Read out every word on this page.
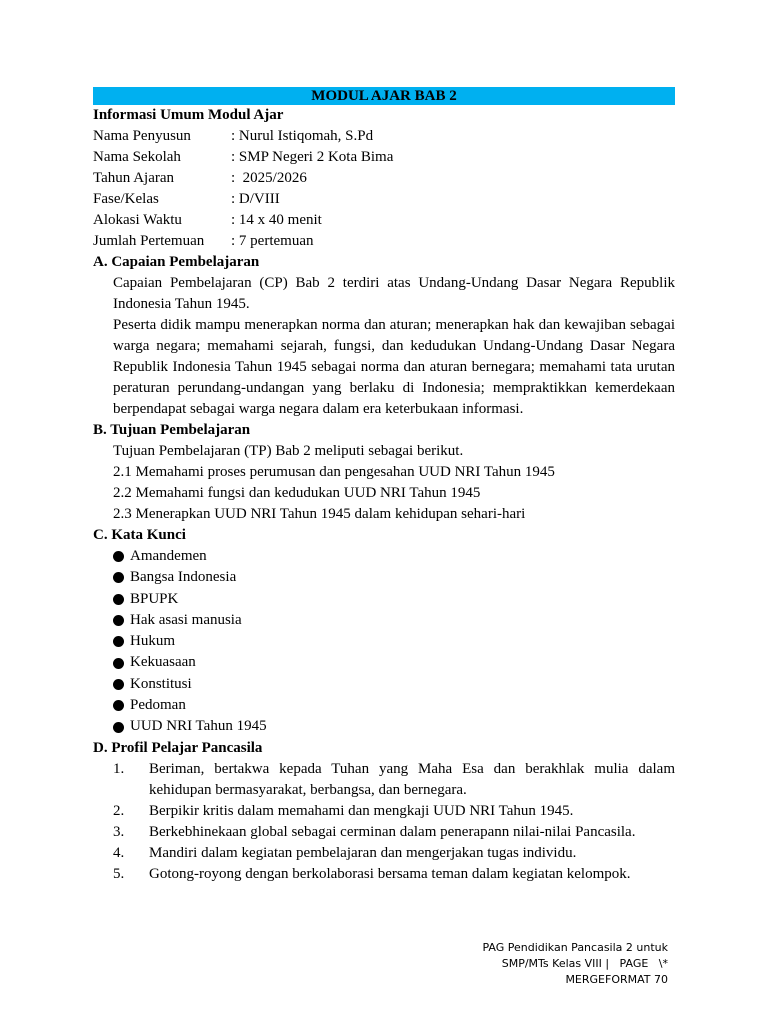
MODUL AJAR BAB 2
Informasi Umum Modul Ajar
Nama Penyusun	: Nurul Istiqomah, S.Pd
Nama Sekolah	: SMP Negeri 2 Kota Bima
Tahun Ajaran	:  2025/2026
Fase/Kelas	: D/VIII
Alokasi Waktu	: 14 x 40 menit
Jumlah Pertemuan	: 7 pertemuan
A. Capaian Pembelajaran
Capaian Pembelajaran (CP) Bab 2 terdiri atas Undang-Undang Dasar Negara Republik Indonesia Tahun 1945.
Peserta didik mampu menerapkan norma dan aturan; menerapkan hak dan kewajiban sebagai warga negara; memahami sejarah, fungsi, dan kedudukan Undang-Undang Dasar Negara Republik Indonesia Tahun 1945 sebagai norma dan aturan bernegara; memahami tata urutan peraturan perundang-undangan yang berlaku di Indonesia; mempraktikkan kemerdekaan berpendapat sebagai warga negara dalam era keterbukaan informasi.
B. Tujuan Pembelajaran
Tujuan Pembelajaran (TP) Bab 2 meliputi sebagai berikut.
2.1 Memahami proses perumusan dan pengesahan UUD NRI Tahun 1945
2.2 Memahami fungsi dan kedudukan UUD NRI Tahun 1945
2.3 Menerapkan UUD NRI Tahun 1945 dalam kehidupan sehari-hari
C. Kata Kunci
Amandemen
Bangsa Indonesia
BPUPK
Hak asasi manusia
Hukum
Kekuasaan
Konstitusi
Pedoman
UUD NRI Tahun 1945
D. Profil Pelajar Pancasila
1.	Beriman, bertakwa kepada Tuhan yang Maha Esa dan berakhlak mulia dalam kehidupan bermasyarakat, berbangsa, dan bernegara.
2.	Berpikir kritis dalam memahami dan mengkaji UUD NRI Tahun 1945.
3.	Berkebhinekaan global sebagai cerminan dalam penerapann nilai-nilai Pancasila.
4.	Mandiri dalam kegiatan pembelajaran dan mengerjakan tugas individu.
5.	Gotong-royong dengan berkolaborasi bersama teman dalam kegiatan kelompok.
PAG Pendidikan Pancasila 2 untuk
SMP/MTs Kelas VIII |   PAGE   \*
MERGEFORMAT 70
